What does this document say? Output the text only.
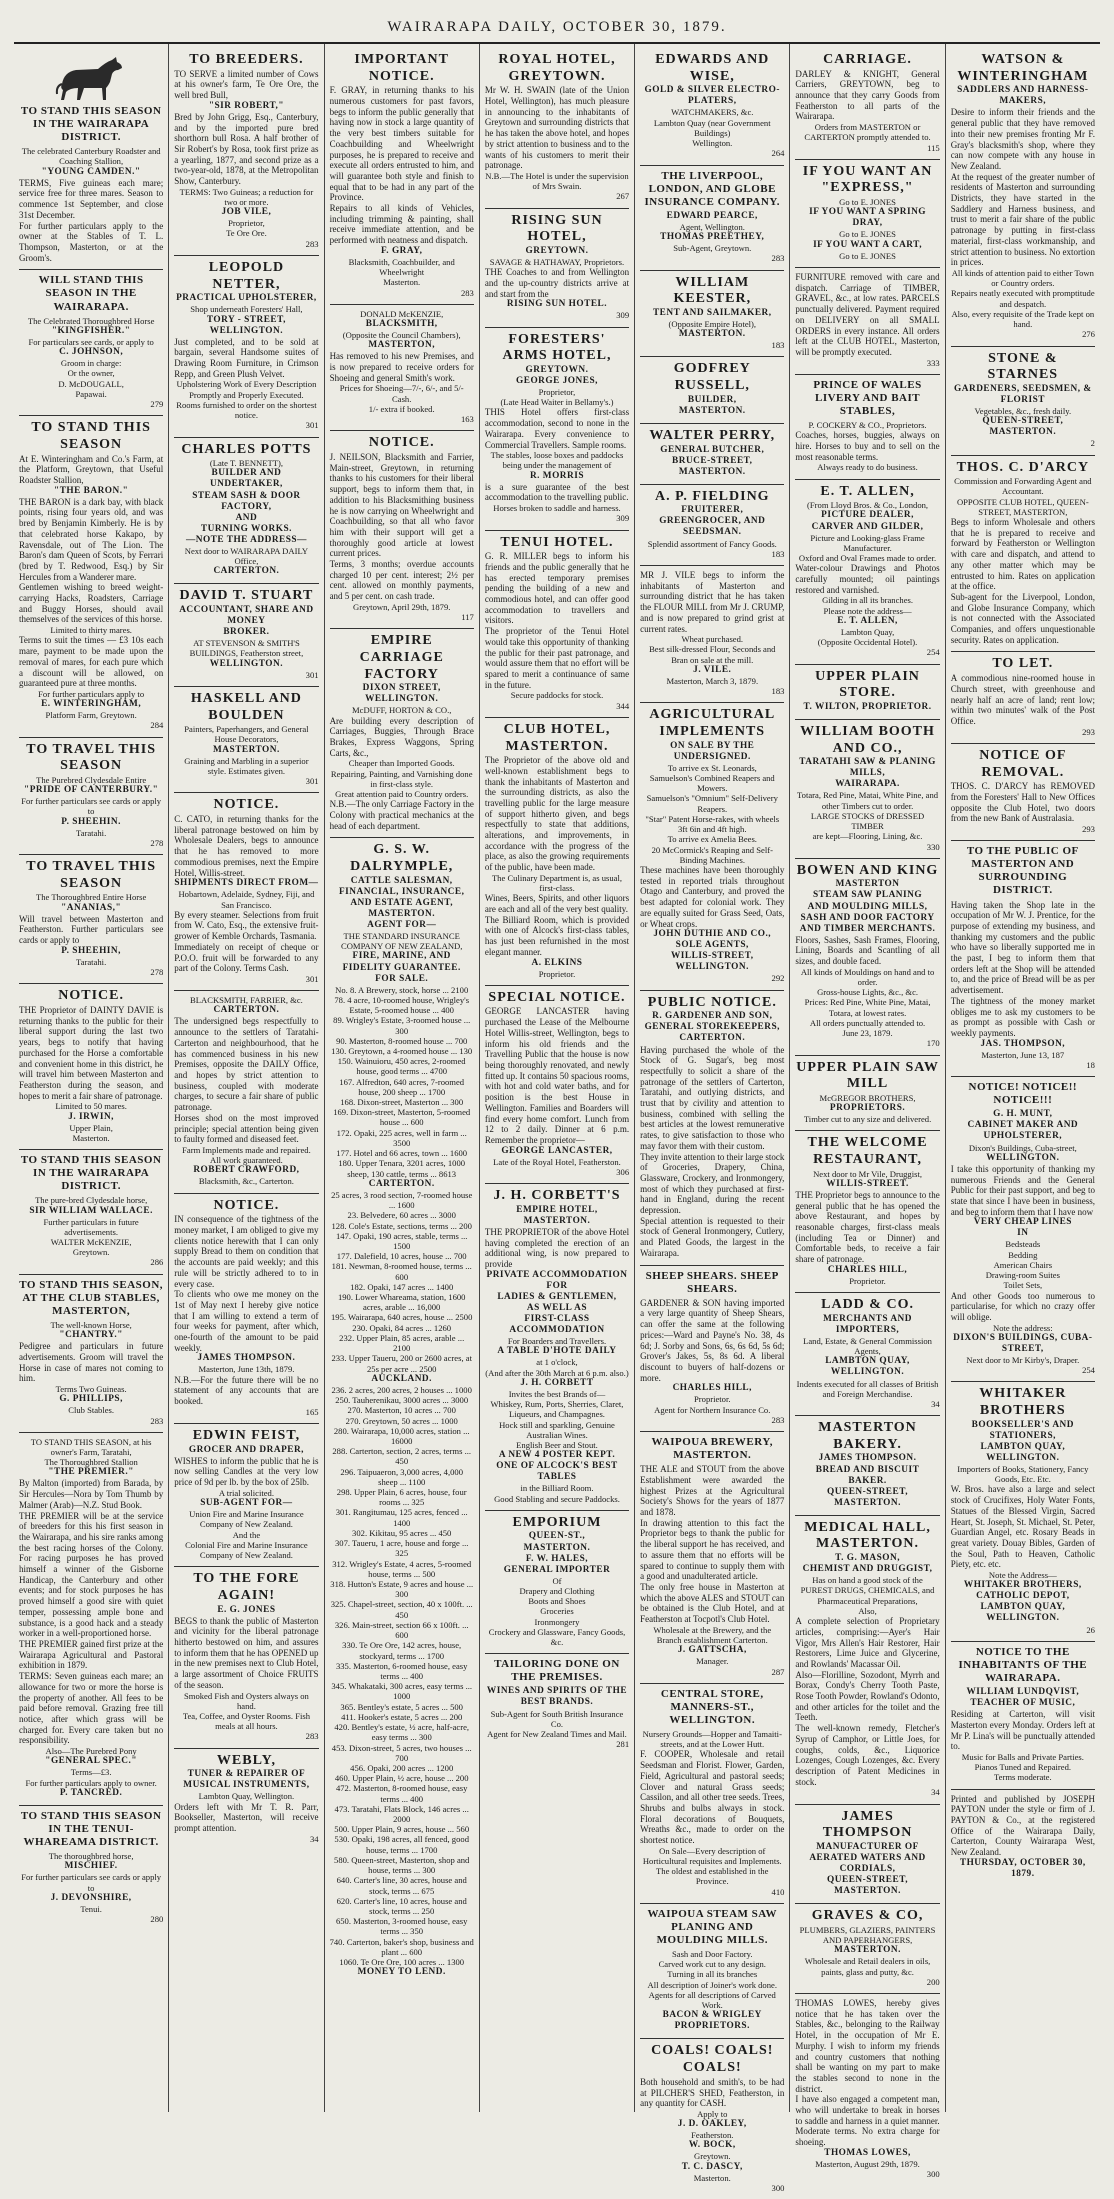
WAIRARAPA DAILY, OCTOBER 30, 1879.
TO STAND THIS SEASON IN THE WAIRARAPA DISTRICT.
The celebrated Canterbury Roadster and Coaching Stallion,
"YOUNG CAMDEN."
TERMS, Five guineas each mare; service free for three mares. Season to commence 1st September, and close 31st December.
For further particulars apply to the owner at the Stables of T. L. Thompson, Masterton, or at the Groom's.
WILL STAND THIS SEASON IN THE WAIRARAPA.
The Celebrated Thoroughbred Horse
"KINGFISHER."
For particulars see cards, or apply to
C. JOHNSON,
Groom in charge:
Or the owner,
D. McDOUGALL,
Papawai.
279
TO STAND THIS SEASON
At E. Winteringham and Co.'s Farm, at the Platform, Greytown, that Useful Roadster Stallion,
"THE BARON."
THE BARON is a dark bay, with black points, rising four years old, and was bred by Benjamin Kimberly. He is by that celebrated horse Kakapo, by Ravensdale, out of The Lion. The Baron's dam Queen of Scots, by Ferrari (bred by T. Redwood, Esq.) by Sir Hercules from a Wanderer mare.
Gentlemen wishing to breed weight-carrying Hacks, Roadsters, Carriage and Buggy Horses, should avail themselves of the services of this horse.
Limited to thirty mares.
Terms to suit the times — £3 10s each mare, payment to be made upon the removal of mares, for each pure which a discount will be allowed, on guaranteed pure at three months.
For further particulars apply to
E. WINTERINGHAM,
Platform Farm, Greytown.
284
TO TRAVEL THIS SEASON
The Purebred Clydesdale Entire
"PRIDE OF CANTERBURY."
For further particulars see cards or apply to
P. SHEEHIN.
Taratahi.
278
TO TRAVEL THIS SEASON
The Thoroughbred Entire Horse
"ANANIAS,"
Will travel between Masterton and Featherston. Further particulars see cards or apply to
P. SHEEHIN,
Taratahi.
278
NOTICE.
THE Proprietor of DAINTY DAVIE is returning thanks to the public for their liberal support during the last two years, begs to notify that having purchased for the Horse a comfortable and convenient home in this district, he will travel him between Masterton and Featherston during the season, and hopes to merit a fair share of patronage.
Limited to 50 mares.
J. IRWIN,
Upper Plain,
Masterton.
TO STAND THIS SEASON IN THE WAIRARAPA DISTRICT.
The pure-bred Clydesdale horse,
SIR WILLIAM WALLACE.
Further particulars in future advertisements.
WALTER McKENZIE,
Greytown.
286
TO STAND THIS SEASON, AT THE CLUB STABLES, MASTERTON,
The well-known Horse,
"CHANTRY."
Pedigree and particulars in future advertisements. Groom will travel the Horse in case of mares not coming to him.
Terms Two Guineas.
G. PHILLIPS,
Club Stables.
283
TO STAND THIS SEASON, at his owner's Farm, Taratahi,
The Thoroughbred Stallion
"THE PREMIER."
By Malton (imported) from Barada, by Sir Hercules—Nora by Tom Thumb by Malmer (Arab)—N.Z. Stud Book.
THE PREMIER will be at the service of breeders for this his first season in the Wairarapa, and his sire ranks among the best racing horses of the Colony. For racing purposes he has proved himself a winner of the Gisborne Handicap, the Canterbury and other events; and for stock purposes he has proved himself a good sire with quiet temper, possessing ample bone and substance, is a good hack and a steady worker in a well-proportioned horse.
THE PREMIER gained first prize at the Wairarapa Agricultural and Pastoral exhibition in 1879.
TERMS: Seven guineas each mare; an allowance for two or more the horse is the property of another. All fees to be paid before removal. Grazing free till notice, after which grass will be charged for. Every care taken but no responsibility.
Also—The Purebred Pony
"GENERAL SPEC."
Terms—£3.
For further particulars apply to owner.
P. TANCRED.
TO STAND THIS SEASON IN THE TENUI-WHAREAMA DISTRICT.
The thoroughbred horse,
MISCHIEF.
For further particulars see cards or apply to
J. DEVONSHIRE,
Tenui.
280
TO BREEDERS.
TO SERVE a limited number of Cows at his owner's farm, Te Ore Ore, the well bred Bull,
"SIR ROBERT,"
Bred by John Grigg, Esq., Canterbury, and by the imported pure bred shorthorn bull Rosa. A half brother of Sir Robert's by Rosa, took first prize as a yearling, 1877, and second prize as a two-year-old, 1878, at the Metropolitan Show, Canterbury.
TERMS: Two Guineas; a reduction for two or more.
JOB VILE,
Proprietor,
Te Ore Ore.
283
LEOPOLD NETTER,
PRACTICAL UPHOLSTERER,
Shop underneath Foresters' Hall,
TORY - STREET, WELLINGTON.
Just completed, and to be sold at bargain, several Handsome suites of Drawing Room Furniture, in Crimson Repp, and Green Plush Velvet.
Upholstering Work of Every Description Promptly and Properly Executed.
Rooms furnished to order on the shortest notice.
301
CHARLES POTTS
(Late T. BENNETT),
BUILDER AND UNDERTAKER,
STEAM SASH & DOOR FACTORY,
AND
TURNING WORKS.
—NOTE THE ADDRESS—
Next door to WAIRARAPA DAILY Office,
CARTERTON.
DAVID T. STUART
ACCOUNTANT, SHARE AND MONEY
BROKER.
AT STEVENSON & SMITH'S BUILDINGS, Featherston street,
WELLINGTON.
301
HASKELL AND BOULDEN
Painters, Paperhangers, and General House Decorators,
MASTERTON.
Graining and Marbling in a superior style. Estimates given.
301
NOTICE.
C. CATO, in returning thanks for the liberal patronage bestowed on him by Wholesale Dealers, begs to announce that he has removed to more commodious premises, next the Empire Hotel, Willis-street.
SHIPMENTS DIRECT FROM—
Hobartown, Adelaide, Sydney, Fiji, and San Francisco.
By every steamer. Selections from fruit from W. Cato, Esq., the extensive fruit-grower of Kemble Orchards, Tasmania.
Immediately on receipt of cheque or P.O.O. fruit will be forwarded to any part of the Colony. Terms Cash.
301
BLACKSMITH, FARRIER, &c.
CARTERTON.
The undersigned begs respectfully to announce to the settlers of Taratahi-Carterton and neighbourhood, that he has commenced business in his new Premises, opposite the DAILY Office, and hopes by strict attention to business, coupled with moderate charges, to secure a fair share of public patronage.
Horses shod on the most improved principle; special attention being given to faulty formed and diseased feet.
Farm Implements made and repaired.
All work guaranteed.
ROBERT CRAWFORD,
Blacksmith, &c., Carterton.
NOTICE.
IN consequence of the tightness of the money market, I am obliged to give my clients notice herewith that I can only supply Bread to them on condition that the accounts are paid weekly; and this rule will be strictly adhered to to in every case.
To clients who owe me money on the 1st of May next I hereby give notice that I am willing to extend a term of four weeks for payment, after which, one-fourth of the amount to be paid weekly.
JAMES THOMPSON.
Masterton, June 13th, 1879.
N.B.—For the future there will be no statement of any accounts that are booked.
165
EDWIN FEIST,
GROCER AND DRAPER,
WISHES to inform the public that he is now selling Candles at the very low price of 9d per lb. by the box of 25lb.
A trial solicited.
SUB-AGENT FOR—
Union Fire and Marine Insurance Company of New Zealand.
And the
Colonial Fire and Marine Insurance Company of New Zealand.
TO THE FORE AGAIN!
E. G. JONES
BEGS to thank the public of Masterton and vicinity for the liberal patronage hitherto bestowed on him, and assures to inform them that he has OPENED up in the new premises next to Club Hotel, a large assortment of Choice FRUITS of the season.
Smoked Fish and Oysters always on hand.
Tea, Coffee, and Oyster Rooms. Fish meals at all hours.
283
WEBLY,
TUNER & REPAIRER OF MUSICAL INSTRUMENTS,
Lambton Quay, Wellington.
Orders left with Mr T. R. Parr, Bookseller, Masterton, will receive prompt attention.
34
IMPORTANT NOTICE.
F. GRAY, in returning thanks to his numerous customers for past favors, begs to inform the public generally that having now in stock a large quantity of the very best timbers suitable for Coachbuilding and Wheelwright purposes, he is prepared to receive and execute all orders entrusted to him, and will guarantee both style and finish to equal that to be had in any part of the Province.
Repairs to all kinds of Vehicles, including trimming & painting, shall receive immediate attention, and be performed with neatness and dispatch.
F. GRAY,
Blacksmith, Coachbuilder, and Wheelwright
Masterton.
283
DONALD McKENZIE,
BLACKSMITH,
(Opposite the Council Chambers),
MASTERTON,
Has removed to his new Premises, and is now prepared to receive orders for Shoeing and general Smith's work.
Prices for Shoeing—7/-, 6/-, and 5/- Cash.
1/- extra if booked.
163
NOTICE.
J. NEILSON, Blacksmith and Farrier, Main-street, Greytown, in returning thanks to his customers for their liberal support, begs to inform them that, in addition to his Blacksmithing business he is now carrying on Wheelwright and Coachbuilding, so that all who favor him with their support will get a thoroughly good article at lowest current prices.
Terms, 3 months; overdue accounts charged 10 per cent. interest; 2½ per cent. allowed on monthly payments, and 5 per cent. on cash trade.
Greytown, April 29th, 1879.
117
EMPIRE CARRIAGE FACTORY
DIXON STREET,
WELLINGTON.
McDUFF, HORTON & CO.,
Are building every description of Carriages, Buggies, Through Brace Brakes, Express Waggons, Spring Carts, &c.,
Cheaper than Imported Goods.
Repairing, Painting, and Varnishing done in first-class style.
Great attention paid to Country orders.
N.B.—The only Carriage Factory in the Colony with practical mechanics at the head of each department.
G. S. W. DALRYMPLE,
CATTLE SALESMAN,
FINANCIAL, INSURANCE, AND ESTATE AGENT,
MASTERTON.
AGENT FOR—
THE STANDARD INSURANCE COMPANY OF NEW ZEALAND,
FIRE, MARINE, AND FIDELITY GUARANTEE.
FOR SALE.
No. 8. A Brewery, stock, horse ... 2100
78. 4 acre, 10-roomed house, Wrigley's Estate, 5-roomed house ... 400
89. Wrigley's Estate, 3-roomed house ... 300
90. Masterton, 8-roomed house ... 700
130. Greytown, a 4-roomed house ... 130
150. Wainuioru, 450 acres, 2-roomed house, good terms ... 4700
167. Alfredton, 640 acres, 7-roomed house, 200 sheep ... 1700
168. Dixon-street, Masterton ... 300
169. Dixon-street, Masterton, 5-roomed house ... 600
172. Opaki, 225 acres, well in farm ... 3500
177. Hotel and 66 acres, town ... 1600
180. Upper Tenara, 3201 acres, 1000 sheep, 130 cattle, terms ... 8613
CARTERTON.
25 acres, 3 rood section, 7-roomed house ... 1600
23. Belvedere, 60 acres ... 3000
128. Cole's Estate, sections, terms ... 200
147. Opaki, 190 acres, stable, terms ... 1500
177. Dalefield, 10 acres, house ... 700
181. Newman, 8-roomed house, terms ... 600
182. Opaki, 147 acres ... 1400
190. Lower Whareama, station, 1600 acres, arable ... 16,000
195. Wairarapa, 640 acres, house ... 2500
230. Opaki, 84 acres ... 1260
232. Upper Plain, 85 acres, arable ... 2100
233. Upper Taueru, 200 or 2600 acres, at 25s per acre ... 2500
AUCKLAND.
236. 2 acres, 200 acres, 2 houses ... 1000
250. Tauherenikau, 3000 acres ... 3000
270. Masterton, 10 acres ... 700
270. Greytown, 50 acres ... 1000
280. Wairarapa, 10,000 acres, station ... 16000
288. Carterton, section, 2 acres, terms ... 450
296. Taipuaeron, 3,000 acres, 4,000 sheep ... 1100
298. Upper Plain, 6 acres, house, four rooms ... 325
301. Rangitumau, 125 acres, fenced ... 1400
302. Kikitau, 95 acres ... 450
307. Taueru, 1 acre, house and forge ... 325
312. Wrigley's Estate, 4 acres, 5-roomed house, terms ... 500
318. Hutton's Estate, 9 acres and house ... 300
325. Chapel-street, section, 40 x 100ft. ... 450
326. Main-street, section 66 x 100ft. ... 600
330. Te Ore Ore, 142 acres, house, stockyard, terms ... 1700
335. Masterton, 6-roomed house, easy terms ... 400
345. Whakataki, 300 acres, easy terms ... 1000
365. Bentley's estate, 5 acres ... 500
411. Hooker's estate, 5 acres ... 200
420. Bentley's estate, ½ acre, half-acre, easy terms ... 300
453. Dixon-street, 5 acres, two houses ... 700
456. Opaki, 200 acres ... 1200
460. Upper Plain, ½ acre, house ... 200
472. Masterton, 8-roomed house, easy terms ... 400
473. Taratahi, Flats Block, 146 acres ... 2000
500. Upper Plain, 9 acres, house ... 560
530. Opaki, 198 acres, all fenced, good house, terms ... 1700
580. Queen-street, Masterton, shop and house, terms ... 300
640. Carter's line, 30 acres, house and stock, terms ... 675
620. Carter's line, 10 acres, house and stock, terms ... 250
650. Masterton, 3-roomed house, easy terms ... 350
740. Carterton, baker's shop, business and plant ... 600
1060. Te Ore Ore, 100 acres ... 1300
MONEY TO LEND.
ROYAL HOTEL, GREYTOWN.
Mr W. H. SWAIN (late of the Union Hotel, Wellington), has much pleasure in announcing to the inhabitants of Greytown and surrounding districts that he has taken the above hotel, and hopes by strict attention to business and to the wants of his customers to merit their patronage.
N.B.—The Hotel is under the supervision of Mrs Swain.
267
RISING SUN HOTEL,
GREYTOWN.
SAVAGE & HATHAWAY, Proprietors.
THE Coaches to and from Wellington and the up-country districts arrive at and start from the
RISING SUN HOTEL.
309
FORESTERS' ARMS HOTEL,
GREYTOWN.
GEORGE JONES,
Proprietor,
(Late Head Waiter in Bellamy's.)
THIS Hotel offers first-class accommodation, second to none in the Wairarapa. Every convenience to Commercial Travellers. Sample rooms.
The stables, loose boxes and paddocks being under the management of
R. MORRIS
is a sure guarantee of the best accommodation to the travelling public.
Horses broken to saddle and harness.
309
TENUI HOTEL.
G. R. MILLER begs to inform his friends and the public generally that he has erected temporary premises pending the building of a new and commodious hotel, and can offer good accommodation to travellers and visitors.
The proprietor of the Tenui Hotel would take this opportunity of thanking the public for their past patronage, and would assure them that no effort will be spared to merit a continuance of same in the future.
Secure paddocks for stock.
344
CLUB HOTEL, MASTERTON.
The Proprietor of the above old and well-known establishment begs to thank the inhabitants of Masterton and the surrounding districts, as also the travelling public for the large measure of support hitherto given, and begs respectfully to state that additions, alterations, and improvements, in accordance with the progress of the place, as also the growing requirements of the public, have been made.
The Culinary Department is, as usual, first-class.
Wines, Beers, Spirits, and other liquors are each and all of the very best quality.
The Billiard Room, which is provided with one of Alcock's first-class tables, has just been refurnished in the most elegant manner.
A. ELKINS
Proprietor.
SPECIAL NOTICE.
GEORGE LANCASTER having purchased the Lease of the Melbourne Hotel Willis-street, Wellington, begs to inform his old friends and the Travelling Public that the house is now being thoroughly renovated, and newly fitted up. It contains 50 spacious rooms, with hot and cold water baths, and for position is the best House in Wellington. Families and Boarders will find every home comfort. Lunch from 12 to 2 daily. Dinner at 6 p.m. Remember the proprietor—
GEORGE LANCASTER,
Late of the Royal Hotel, Featherston.
306
J. H. CORBETT'S
EMPIRE HOTEL,
MASTERTON.
THE PROPRIETOR of the above Hotel having completed the erection of an additional wing, is now prepared to provide
PRIVATE ACCOMMODATION FOR
LADIES & GENTLEMEN,
AS WELL AS
FIRST-CLASS ACCOMMODATION
For Boarders and Travellers.
A TABLE D'HOTE DAILY
at 1 o'clock,
(And after the 30th March at 6 p.m. also.)
J. H. CORBETT
Invites the best Brands of—
Whiskey, Rum, Ports, Sherries, Claret, Liqueurs, and Champagnes.
Hock still and sparkling, Genuine Australian Wines.
English Beer and Stout.
A NEW 4 POSTER KEPT.
ONE OF ALCOCK'S BEST TABLES
in the Billiard Room.
Good Stabling and secure Paddocks.
EMPORIUM
QUEEN-ST.,
MASTERTON.
F. W. HALES,
GENERAL IMPORTER
Of
Drapery and Clothing
Boots and Shoes
Groceries
Ironmongery
Crockery and Glassware, Fancy Goods, &c.
TAILORING DONE ON THE PREMISES.
WINES AND SPIRITS OF THE BEST BRANDS.
Sub-Agent for South British Insurance Co.
Agent for New Zealand Times and Mail.
281
EDWARDS AND WISE,
GOLD & SILVER ELECTRO-PLATERS,
WATCHMAKERS, &c.
Lambton Quay (near Government Buildings)
Wellington.
264
THE LIVERPOOL, LONDON, AND GLOBE INSURANCE COMPANY.
EDWARD PEARCE,
Agent, Wellington.
THOMAS PREETHEY,
Sub-Agent, Greytown.
283
WILLIAM KEESTER,
TENT AND SAILMAKER,
(Opposite Empire Hotel),
MASTERTON.
183
GODFREY RUSSELL,
BUILDER,
MASTERTON.
WALTER PERRY,
GENERAL BUTCHER,
BRUCE-STREET, MASTERTON.
A. P. FIELDING
FRUITERER, GREENGROCER, AND SEEDSMAN.
Splendid assortment of Fancy Goods.
183
MR J. VILE begs to inform the inhabitants of Masterton and surrounding district that he has taken the FLOUR MILL from Mr J. CRUMP, and is now prepared to grind grist at current rates.
Wheat purchased.
Best silk-dressed Flour, Seconds and Bran on sale at the mill.
J. VILE.
Masterton, March 3, 1879.
183
AGRICULTURAL IMPLEMENTS
ON SALE BY THE UNDERSIGNED.
To arrive ex St. Leonards,
Samuelson's Combined Reapers and Mowers.
Samuelson's "Omnium" Self-Delivery Reapers.
"Star" Patent Horse-rakes, with wheels 3ft 6in and 4ft high.
To arrive ex Amelia Bees.
20 McCormick's Reaping and Self-Binding Machines.
These machines have been thoroughly tested in reported trials throughout Otago and Canterbury, and proved the best adapted for colonial work. They are equally suited for Grass Seed, Oats, or Wheat crops.
JOHN DUTHIE AND CO.,
SOLE AGENTS,
WILLIS-STREET, WELLINGTON.
292
PUBLIC NOTICE.
R. GARDENER AND SON,
GENERAL STOREKEEPERS,
CARTERTON.
Having purchased the whole of the Stock of G. Sugar's, beg most respectfully to solicit a share of the patronage of the settlers of Carterton, Taratahi, and outlying districts, and trust that by civility and attention to business, combined with selling the best articles at the lowest remunerative rates, to give satisfaction to those who may favor them with their custom.
They invite attention to their large stock of Groceries, Drapery, China, Glassware, Crockery, and Ironmongery, most of which they purchased at first-hand in England, during the recent depression.
Special attention is requested to their stock of General Ironmongery, Cutlery, and Plated Goods, the largest in the Wairarapa.
SHEEP SHEARS. SHEEP SHEARS.
GARDENER & SON having imported a very large quantity of Sheep Shears, can offer the same at the following prices:—Ward and Payne's No. 38, 4s 6d; J. Sorby and Sons, 6s, 6s 6d, 5s 6d; Grover's Jakes, 5s, 8s 6d. A liberal discount to buyers of half-dozens or more.
CHARLES HILL,
Proprietor.
Agent for Northern Insurance Co.
283
WAIPOUA BREWERY, MASTERTON.
THE ALE and STOUT from the above Establishment were awarded the highest Prizes at the Agricultural Society's Shows for the years of 1877 and 1878.
In drawing attention to this fact the Proprietor begs to thank the public for the liberal support he has received, and to assure them that no efforts will be spared to continue to supply them with a good and unadulterated article.
The only free house in Masterton at which the above ALES and STOUT can be obtained is the Club Hotel, and at Featherston at Tocpotl's Club Hotel.
Wholesale at the Brewery, and the Branch establishment Carterton.
J. GATTSCHA,
Manager.
287
CENTRAL STORE, MANNERS-ST., WELLINGTON.
Nursery Grounds—Hopper and Tamaiti-streets, and at the Lower Hutt.
F. COOPER, Wholesale and retail Seedsman and Florist. Flower, Garden, Field, Agricultural and pastoral seeds; Clover and natural Grass seeds; Cassilon, and all other tree seeds. Trees, Shrubs and bulbs always in stock. Floral decorations of Bouquets, Wreaths &c., made to order on the shortest notice.
On Sale—Every description of Horticultural requisites and Implements.
The oldest and established in the Province.
410
WAIPOUA STEAM SAW PLANING AND MOULDING MILLS.
Sash and Door Factory.
Carved work cut to any design.
Turning in all its branches
All description of Joiner's work done.
Agents for all descriptions of Carved Work.
BACON & WRIGLEY
PROPRIETORS.
COALS! COALS! COALS!
Both household and smith's, to be had at PILCHER'S SHED, Featherston, in any quantity for CASH.
Apply to
J. D. OAKLEY,
Featherston.
W. BOCK,
Greytown.
T. C. DASCY,
Masterton.
300
CARRIAGE.
DARLEY & KNIGHT, General Carriers, GREYTOWN, beg to announce that they carry Goods from Featherston to all parts of the Wairarapa.
Orders from MASTERTON or CARTERTON promptly attended to.
115
IF YOU WANT AN "EXPRESS,"
Go to E. JONES
IF YOU WANT A SPRING DRAY,
Go to E. JONES
IF YOU WANT A CART,
Go to E. JONES
FURNITURE removed with care and dispatch. Carriage of TIMBER, GRAVEL, &c., at low rates. PARCELS punctually delivered. Payment required on DELIVERY on all SMALL ORDERS in every instance. All orders left at the CLUB HOTEL, Masterton, will be promptly executed.
333
PRINCE OF WALES LIVERY AND BAIT STABLES,
P. COCKERY & CO., Proprietors.
Coaches, horses, buggies, always on hire. Horses to buy and to sell on the most reasonable terms.
Always ready to do business.
E. T. ALLEN,
(From Lloyd Bros. & Co., London,
PICTURE DEALER,
CARVER AND GILDER,
Picture and Looking-glass Frame Manufacturer.
Oxford and Oval Frames made to order.
Water-colour Drawings and Photos carefully mounted; oil paintings restored and varnished.
Gilding in all its branches.
Please note the address—
E. T. ALLEN,
Lambton Quay,
(Opposite Occidental Hotel).
254
UPPER PLAIN STORE.
T. WILTON, PROPRIETOR.
WILLIAM BOOTH AND CO.,
TARATAHI SAW & PLANING MILLS,
WAIRARAPA.
Totara, Red Pine, Matai, White Pine, and other Timbers cut to order.
LARGE STOCKS of DRESSED TIMBER
are kept—Flooring, Lining, &c.
330
BOWEN AND KING
MASTERTON
STEAM SAW PLANING
AND MOULDING MILLS,
SASH AND DOOR FACTORY
AND TIMBER MERCHANTS.
Floors, Sashes, Sash Frames, Flooring, Lining, Boards and Scantling of all sizes, and double faced.
All kinds of Mouldings on hand and to order.
Gross-house Lights, &c., &c.
Prices: Red Pine, White Pine, Matai, Totara, at lowest rates.
All orders punctually attended to.
June 23, 1879.
170
UPPER PLAIN SAW MILL
McGREGOR BROTHERS,
PROPRIETORS.
Timber cut to any size and delivered.
THE WELCOME RESTAURANT,
Next door to Mr Vile, Druggist,
WILLIS-STREET.
THE Proprietor begs to announce to the general public that he has opened the above Restaurant, and hopes by reasonable charges, first-class meals (including Tea or Dinner) and Comfortable beds, to receive a fair share of patronage.
CHARLES HILL,
Proprietor.
LADD & CO.
MERCHANTS AND IMPORTERS,
Land, Estate, & General Commission Agents,
LAMBTON QUAY, WELLINGTON.
Indents executed for all classes of British and Foreign Merchandise.
34
MASTERTON BAKERY.
JAMES THOMPSON.
BREAD AND BISCUIT BAKER.
QUEEN-STREET, MASTERTON.
MEDICAL HALL, MASTERTON.
T. G. MASON,
CHEMIST AND DRUGGIST,
Has on hand a good stock of the
PUREST DRUGS, CHEMICALS, and Pharmaceutical Preparations,
Also,
A complete selection of Proprietary articles, comprising:—Ayer's Hair Vigor, Mrs Allen's Hair Restorer, Hair Restorers, Lime Juice and Glycerine, and Rowlands' Macassar Oil.
Also—Florilline, Sozodont, Myrrh and Borax, Condy's Cherry Tooth Paste, Rose Tooth Powder, Rowland's Odonto, and other articles for the toilet and the Teeth.
The well-known remedy, Fletcher's Syrup of Camphor, or Little Joes, for coughs, colds, &c., Liquorice Lozenges, Cough Lozenges, &c. Every description of Patent Medicines in stock.
34
JAMES THOMPSON
MANUFACTURER OF
AERATED WATERS AND CORDIALS,
QUEEN-STREET, MASTERTON.
GRAVES & CO,
PLUMBERS, GLAZIERS, PAINTERS AND PAPERHANGERS,
MASTERTON.
Wholesale and Retail dealers in oils, paints, glass and putty, &c.
200
THOMAS LOWES, hereby gives notice that he has taken over the Stables, &c., belonging to the Railway Hotel, in the occupation of Mr E. Murphy. I wish to inform my friends and country customers that nothing shall be wanting on my part to make the stables second to none in the district.
I have also engaged a competent man, who will undertake to break in horses to saddle and harness in a quiet manner. Moderate terms. No extra charge for shoeing.
THOMAS LOWES,
Masterton, August 29th, 1879.
300
WATSON & WINTERINGHAM
SADDLERS AND HARNESS-MAKERS,
Desire to inform their friends and the general public that they have removed into their new premises fronting Mr F. Gray's blacksmith's shop, where they can now compete with any house in New Zealand.
At the request of the greater number of residents of Masterton and surrounding Districts, they have started in the Saddlery and Harness business, and trust to merit a fair share of the public patronage by putting in first-class material, first-class workmanship, and strict attention to business. No extortion in prices.
All kinds of attention paid to either Town or Country orders.
Repairs neatly executed with promptitude and despatch.
Also, every requisite of the Trade kept on hand.
276
STONE & STARNES
GARDENERS, SEEDSMEN, & FLORIST
Vegetables, &c., fresh daily.
QUEEN-STREET, MASTERTON.
2
THOS. C. D'ARCY
Commission and Forwarding Agent and Accountant.
OPPOSITE CLUB HOTEL, QUEEN-STREET, MASTERTON,
Begs to inform Wholesale and others that he is prepared to receive and forward by Featherston or Wellington with care and dispatch, and attend to any other matter which may be entrusted to him. Rates on application at the office.
Sub-agent for the Liverpool, London, and Globe Insurance Company, which is not connected with the Associated Companies, and offers unquestionable security. Rates on application.
TO LET.
A commodious nine-roomed house in Church street, with greenhouse and nearly half an acre of land; rent low; within two minutes' walk of the Post Office.
293
NOTICE OF REMOVAL.
THOS. C. D'ARCY has REMOVED from the Foresters' Hall to New Offices opposite the Club Hotel, two doors from the new Bank of Australasia.
293
TO THE PUBLIC OF MASTERTON AND SURROUNDING DISTRICT.
Having taken the Shop late in the occupation of Mr W. J. Prentice, for the purpose of extending my business, and thanking my customers and the public who have so liberally supported me in the past, I beg to inform them that orders left at the Shop will be attended to, and the price of Bread will be as per advertisement.
The tightness of the money market obliges me to ask my customers to be as prompt as possible with Cash or weekly payments.
JAS. THOMPSON,
Masterton, June 13, 187
18
NOTICE! NOTICE!! NOTICE!!!
G. H. MUNT,
CABINET MAKER AND UPHOLSTERER,
Dixon's Buildings, Cuba-street,
WELLINGTON.
I take this opportunity of thanking my numerous Friends and the General Public for their past support, and beg to state that since I have been in business, and beg to inform them that I have now
VERY CHEAP LINES
IN
Bedsteads
Bedding
American Chairs
Drawing-room Suites
Toilet Sets,
And other Goods too numerous to particularise, for which no crazy offer will oblige.
Note the address:
DIXON'S BUILDINGS, CUBA-STREET,
Next door to Mr Kirby's, Draper.
254
WHITAKER BROTHERS
BOOKSELLER'S AND STATIONERS,
LAMBTON QUAY, WELLINGTON.
Importers of Books, Stationery, Fancy Goods, Etc. Etc.
W. Bros. have also a large and select stock of Crucifixes, Holy Water Fonts, Statues of the Blessed Virgin, Sacred Heart, St. Joseph, St. Michael, St. Peter, Guardian Angel, etc. Rosary Beads in great variety. Douay Bibles, Garden of the Soul, Path to Heaven, Catholic Piety, etc. etc.
Note the Address—
WHITAKER BROTHERS,
CATHOLIC DEPOT,
LAMBTON QUAY, WELLINGTON.
26
NOTICE TO THE INHABITANTS OF THE WAIRARAPA.
WILLIAM LUNDQVIST,
TEACHER OF MUSIC,
Residing at Carterton, will visit Masterton every Monday. Orders left at Mr P. Lina's will be punctually attended to.
Music for Balls and Private Parties.
Pianos Tuned and Repaired.
Terms moderate.
Printed and published by JOSEPH PAYTON under the style or firm of J. PAYTON & Co., at the registered Office of the Wairarapa Daily, Carterton, County Wairarapa West, New Zealand.
THURSDAY, OCTOBER 30, 1879.
